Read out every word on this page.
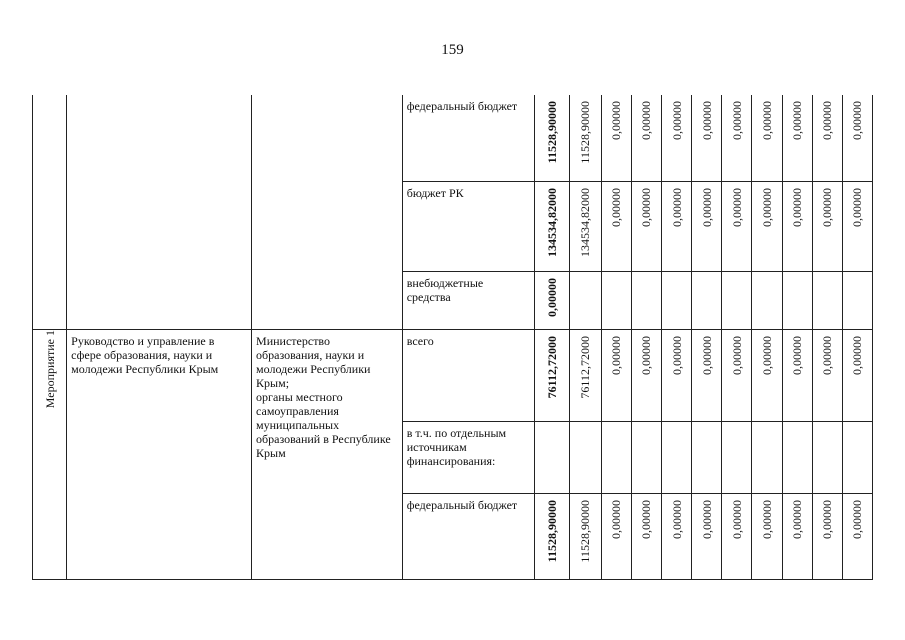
159

			федеральный бюджет	11528,90000	11528,90000	0,00000	0,00000	0,00000	0,00000	0,00000	0,00000	0,00000	0,00000	0,00000

			бюджет РК	134534,82000	134534,82000	0,00000	0,00000	0,00000	0,00000	0,00000	0,00000	0,00000	0,00000	0,00000

			внебюджетные средства	0,00000										

Мероприятие 1	Руководство и управление в сфере образования, науки и молодежи Республики Крым	Министерство образования, науки и молодежи Республики Крым;
органы местного самоуправления муниципальных образований в Республике Крым	всего	76112,72000	76112,72000	0,00000	0,00000	0,00000	0,00000	0,00000	0,00000	0,00000	0,00000	0,00000

			в т.ч. по отдельным источникам финансирования:											

			федеральный бюджет	11528,90000	11528,90000	0,00000	0,00000	0,00000	0,00000	0,00000	0,00000	0,00000	0,00000	0,00000
